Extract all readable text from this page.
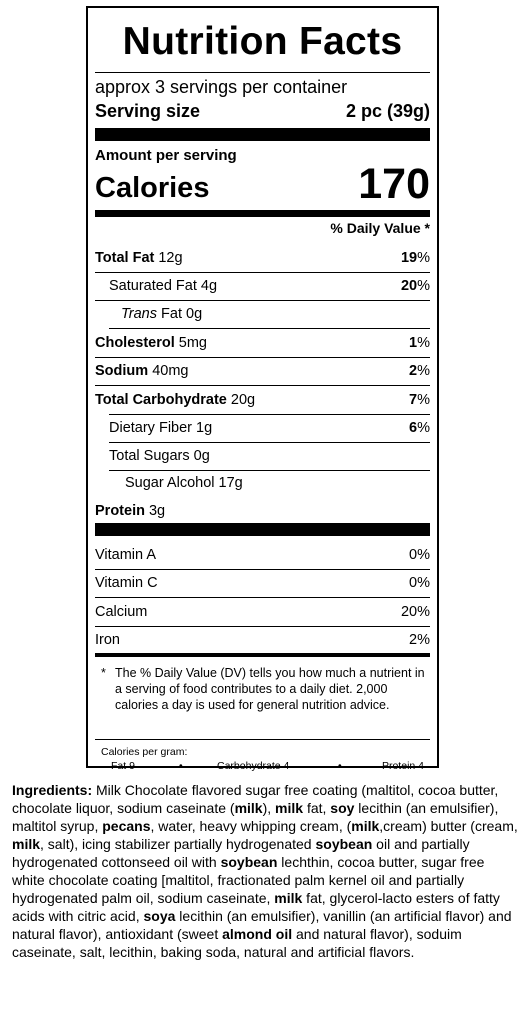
Nutrition Facts
approx 3 servings per container
Serving size	2 pc (39g)
Amount per serving
Calories	170
% Daily Value *
Total Fat 12g	19%
Saturated Fat 4g	20%
Trans Fat 0g
Cholesterol 5mg	1%
Sodium 40mg	2%
Total Carbohydrate 20g	7%
Dietary Fiber 1g	6%
Total Sugars 0g
Sugar Alcohol 17g
Protein 3g
Vitamin A	0%
Vitamin C	0%
Calcium	20%
Iron	2%
* The % Daily Value (DV) tells you how much a nutrient in a serving of food contributes to a daily diet. 2,000 calories a day is used for general nutrition advice.
Calories per gram:
Fat 9	•	Carbohydrate 4	•	Protein 4
Ingredients: Milk Chocolate flavored sugar free coating (maltitol, cocoa butter, chocolate liquor, sodium caseinate (milk), milk fat, soy lecithin (an emulsifier), maltitol syrup, pecans, water, heavy whipping cream, (milk,cream) butter (cream, milk, salt), icing stabilizer partially hydrogenated soybean oil and partially hydrogenated cottonseed oil with soybean lechthin, cocoa butter, sugar free white chocolate coating [maltitol, fractionated palm kernel oil and partially hydrogenated palm oil, sodium caseinate, milk fat, glycerol-lacto esters of fatty acids with citric acid, soya lecithin (an emulsifier), vanillin (an artificial flavor) and natural flavor), antioxidant (sweet almond oil and natural flavor), soduim caseinate, salt, lecithin, baking soda, natural and artificial flavors.
